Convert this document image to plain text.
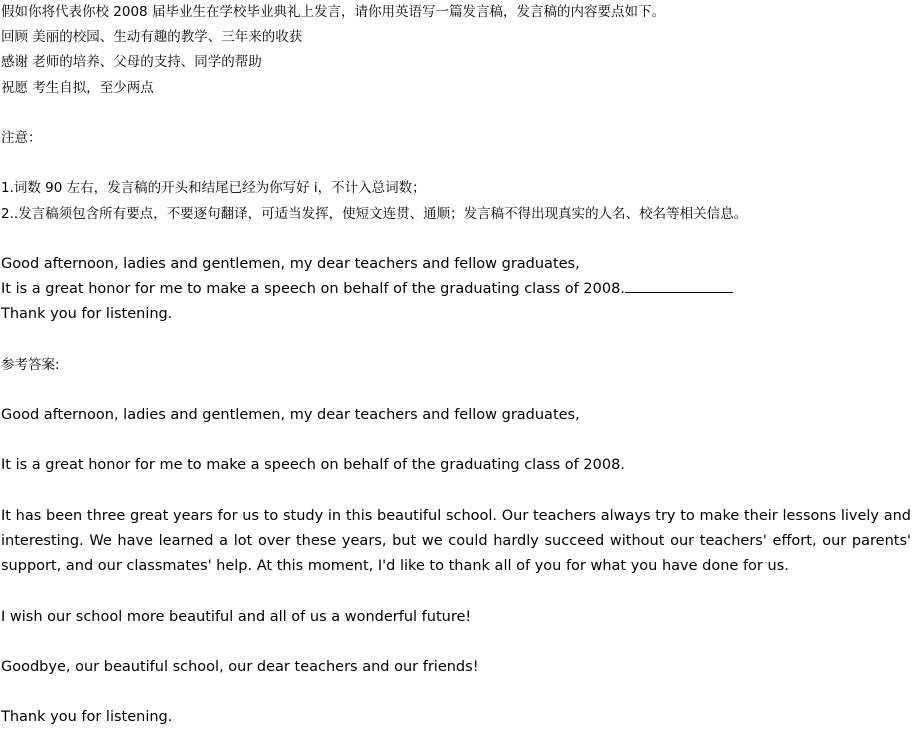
假如你将代表你校 2008 届毕业生在学校毕业典礼上发言，请你用英语写一篇发言稿，发言稿的内容要点如下。
回顾 美丽的校园、生动有趣的教学、三年来的收获
感谢 老师的培养、父母的支持、同学的帮助
祝愿 考生自拟，至少两点
注意：
1.词数 90 左右，发言稿的开头和结尾已经为你写好 i，不计入总词数；
2..发言稿须包含所有要点，不要逐句翻译，可适当发挥，使短文连贯、通顺；发言稿不得出现真实的人名、校名等相关信息。
Good afternoon, ladies and gentlemen, my dear teachers and fellow graduates,
It is a great honor for me to make a speech on behalf of the graduating class of 2008.
Thank you for listening.
参考答案:
Good afternoon, ladies and gentlemen, my dear teachers and fellow graduates,
It is a great honor for me to make a speech on behalf of the graduating class of 2008.

It has been three great years for us to study in this beautiful school. Our teachers always try to make their lessons lively and interesting. We have learned a lot over these years, but we could hardly succeed without our teachers' effort, our parents' support, and our classmates' help. At this moment, I'd like to thank all of you for what you have done for us.

I wish our school more beautiful and all of us a wonderful future!
Goodbye, our beautiful school, our dear teachers and our friends!
Thank you for listening.
